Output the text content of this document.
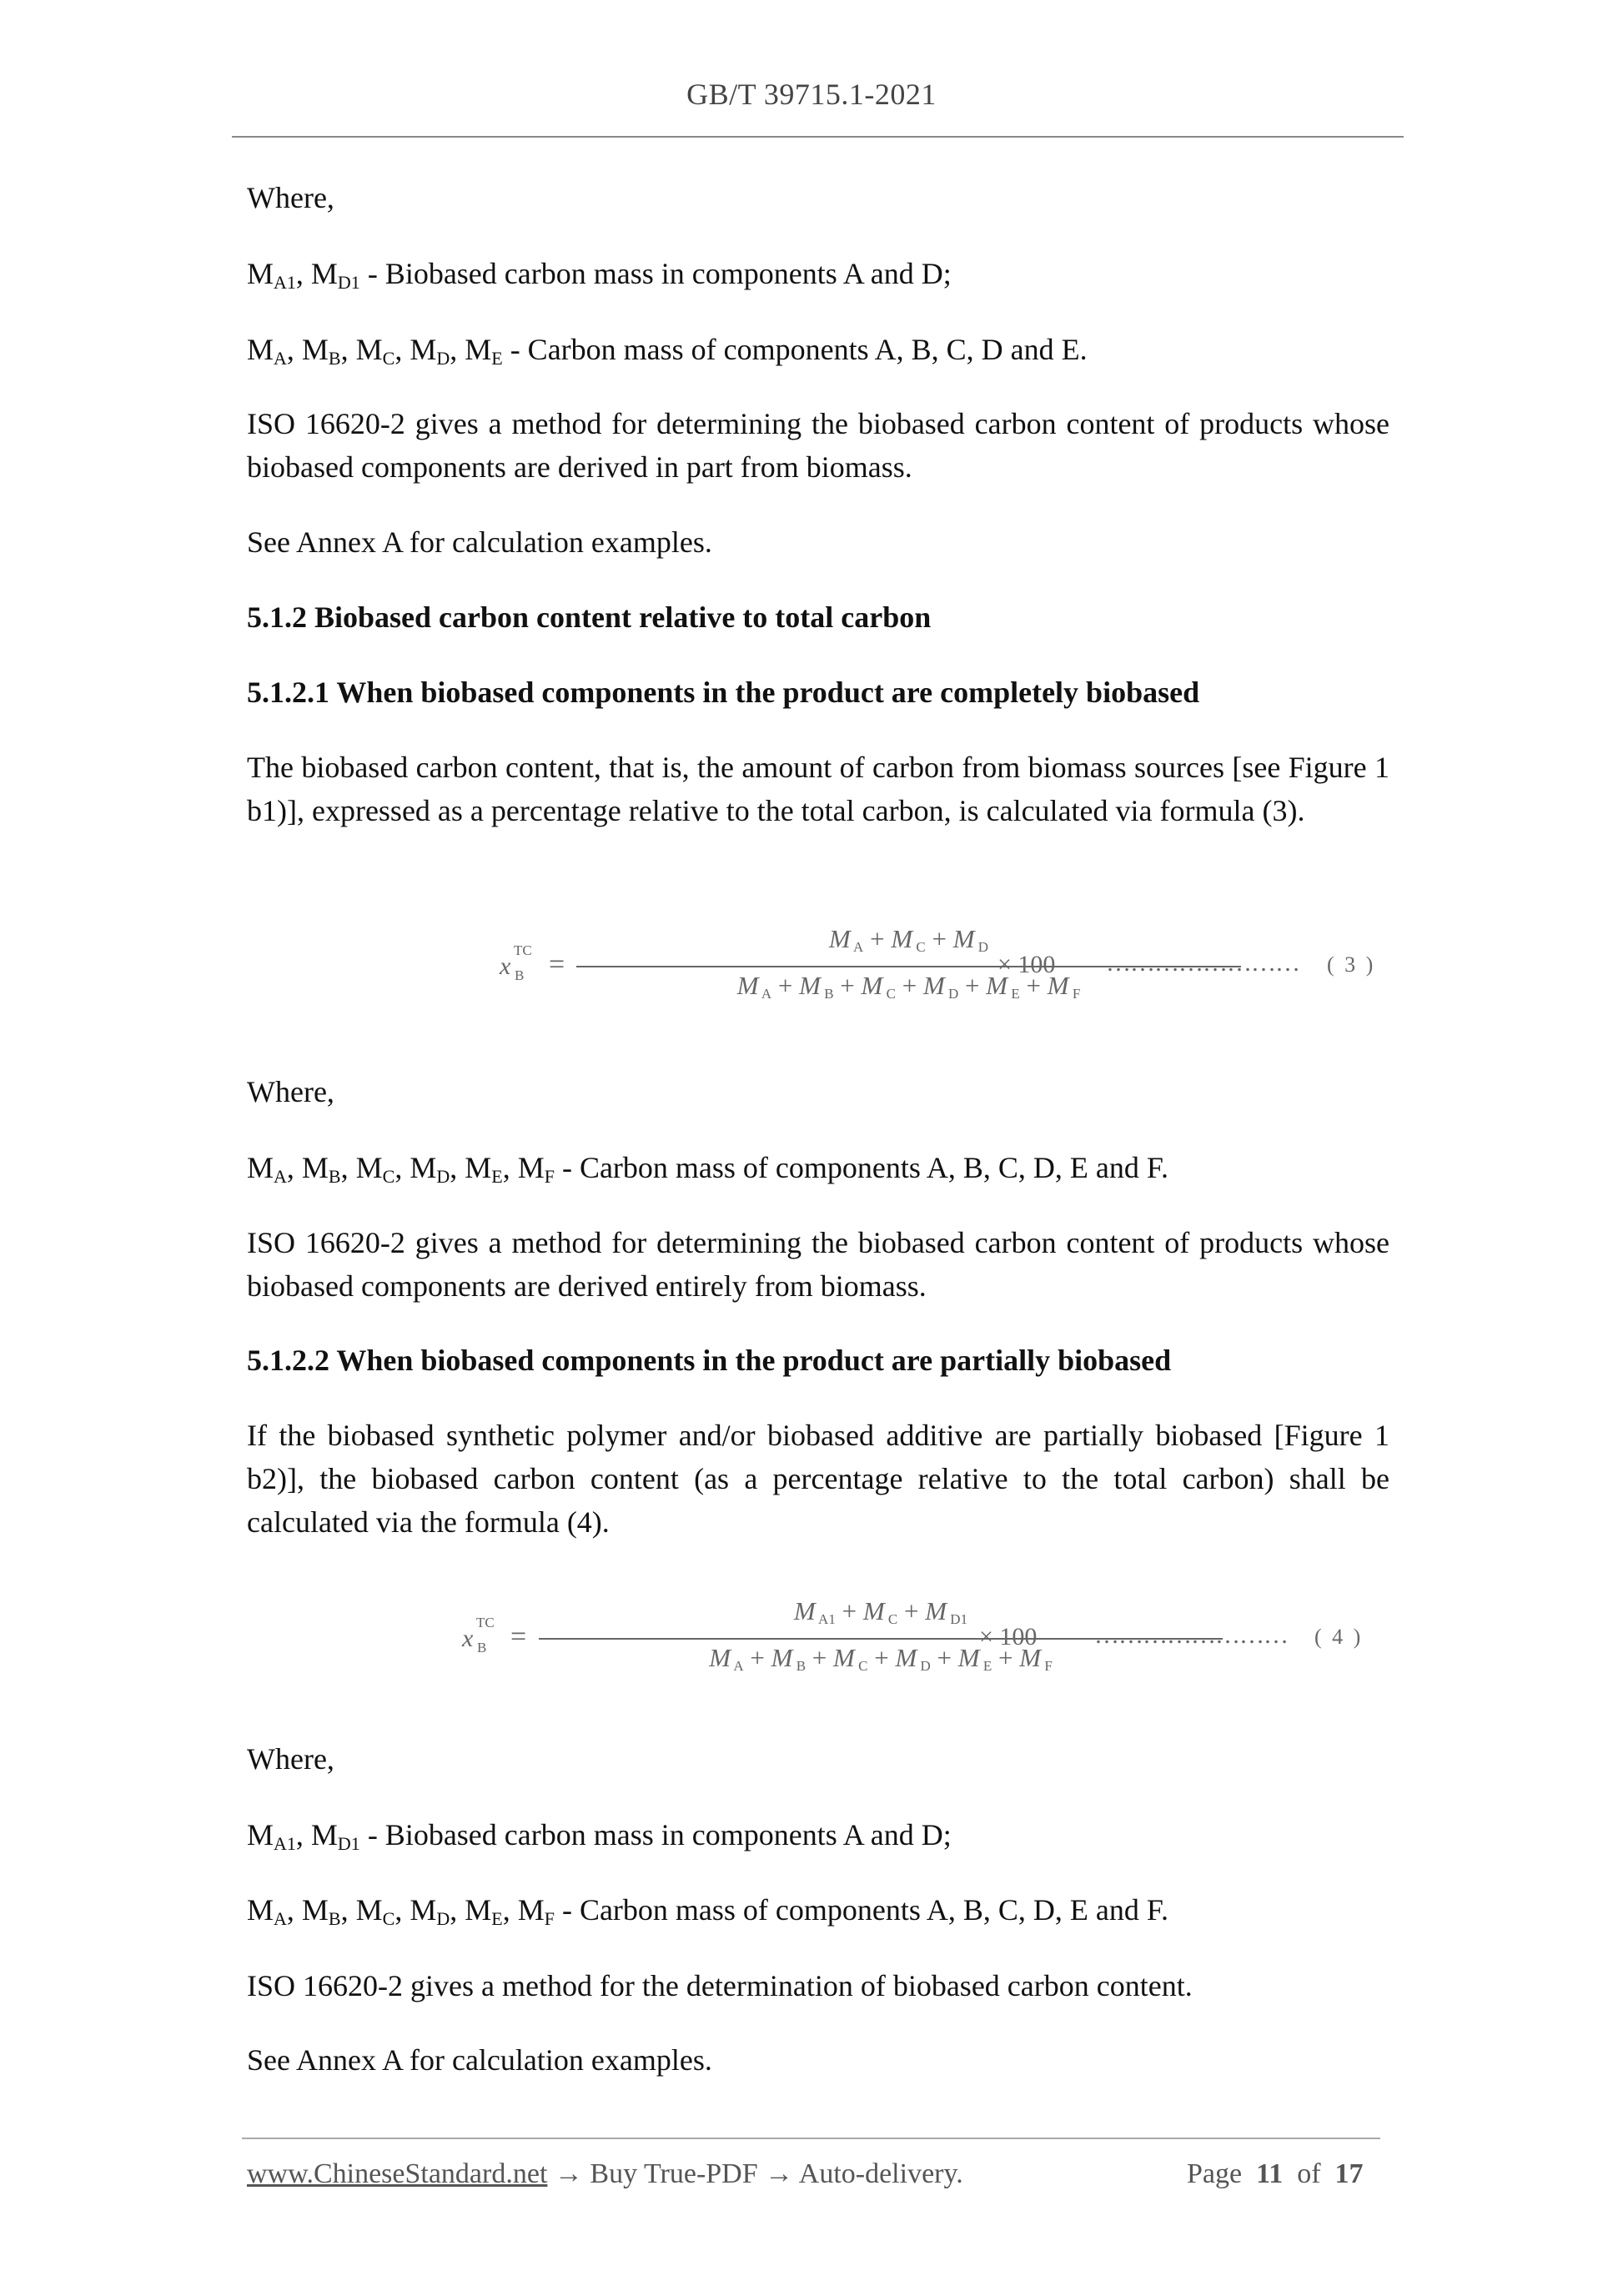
GB/T 39715.1-2021

Where,

$M_{A1}$, $M_{D1}$ - Biobased carbon mass in components A and D;

$M_A$, $M_B$, $M_C$, $M_D$, $M_E$ - Carbon mass of components A, B, C, D and E.

ISO 16620-2 gives a method for determining the biobased carbon content of products whose biobased components are derived in part from biomass.

See Annex A for calculation examples.

5.1.2 Biobased carbon content relative to total carbon

5.1.2.1 When biobased components in the product are completely biobased

The biobased carbon content, that is, the amount of carbon from biomass sources [see Figure 1 b1)], expressed as a percentage relative to the total carbon, is calculated via formula (3).

x
TC
B =
M A + M C + M D
M A + M B + M C + M D + M E + M F
× 100 …………………… ( 3 )

Where,

$M_A$, $M_B$, $M_C$, $M_D$, $M_E$, $M_F$ - Carbon mass of components A, B, C, D, E and F.

ISO 16620-2 gives a method for determining the biobased carbon content of products whose biobased components are derived entirely from biomass.

5.1.2.2 When biobased components in the product are partially biobased

If the biobased synthetic polymer and/or biobased additive are partially biobased [Figure 1 b2)], the biobased carbon content (as a percentage relative to the total carbon) shall be calculated via the formula (4).

x
TC
B =
M A1 + M C + M D1
M A + M B + M C + M D + M E + M F
× 100 …………………… ( 4 )

Where,

$M_{A1}$, $M_{D1}$ - Biobased carbon mass in components A and D;

$M_A$, $M_B$, $M_C$, $M_D$, $M_E$, $M_F$ - Carbon mass of components A, B, C, D, E and F.

ISO 16620-2 gives a method for the determination of biobased carbon content.

See Annex A for calculation examples.

www.ChineseStandard.net → Buy True-PDF → Auto-delivery.	Page 11 of 17
